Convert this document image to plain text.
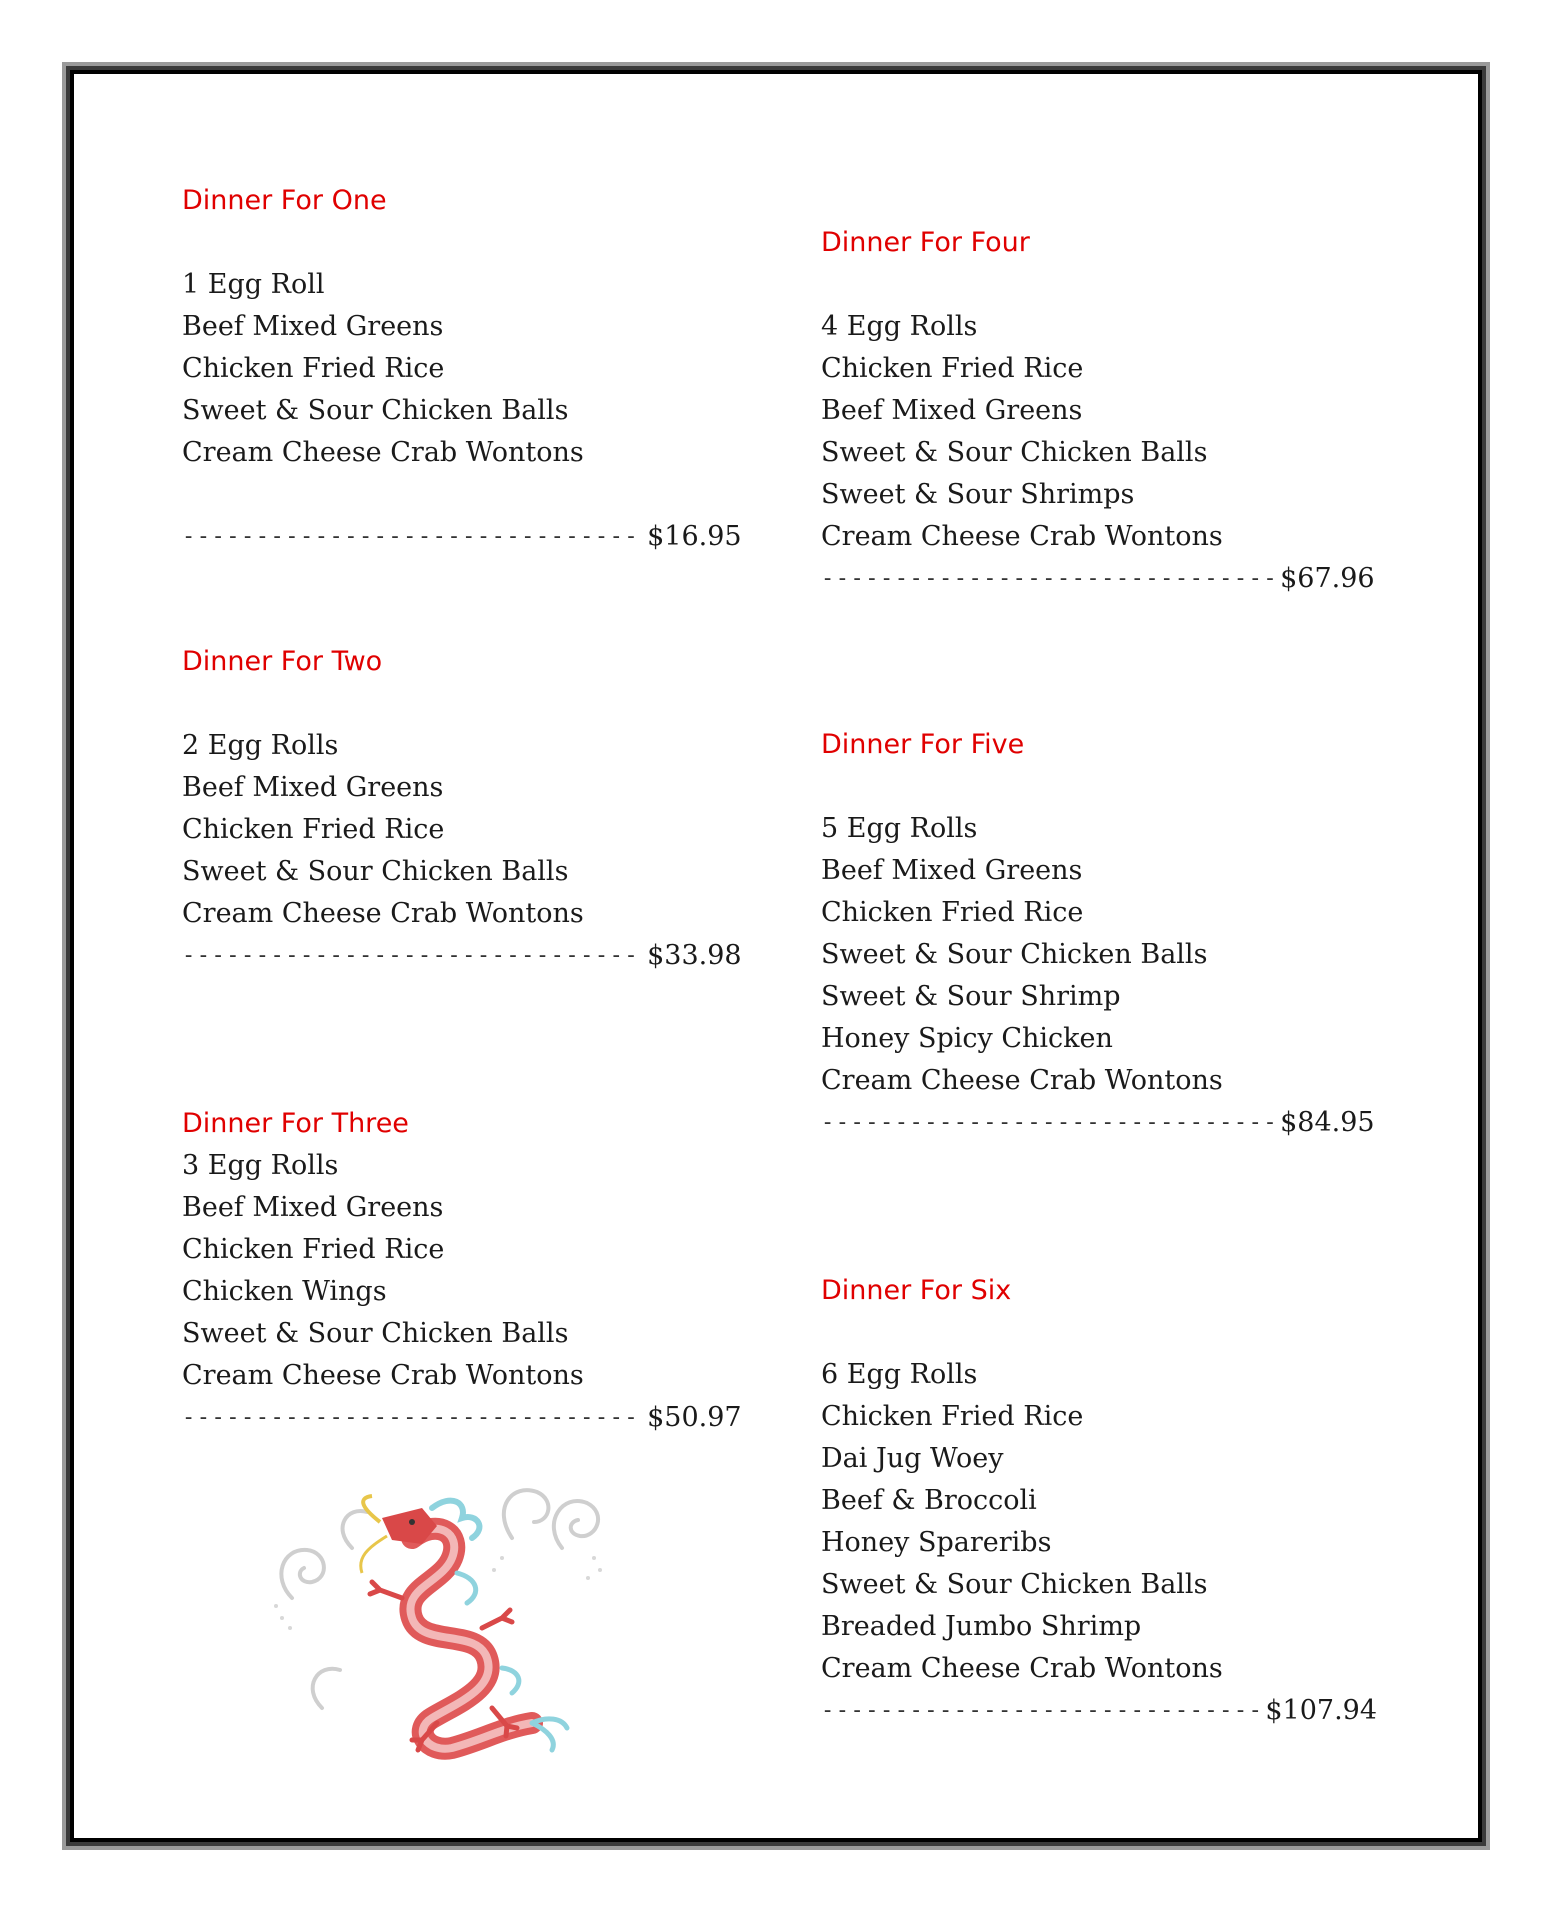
Dinner For One
1 Egg Roll
Beef Mixed Greens
Chicken Fried Rice
Sweet & Sour Chicken Balls
Cream Cheese Crab Wontons
------------------------------- $16.95
Dinner For Two
2 Egg Rolls
Beef Mixed Greens
Chicken Fried Rice
Sweet & Sour Chicken Balls
Cream Cheese Crab Wontons
------------------------------- $33.98
Dinner For Three
3 Egg Rolls
Beef Mixed Greens
Chicken Fried Rice
Chicken Wings
Sweet & Sour Chicken Balls
Cream Cheese Crab Wontons
------------------------------- $50.97
Dinner For Four
4 Egg Rolls
Chicken Fried Rice
Beef Mixed Greens
Sweet & Sour Chicken Balls
Sweet & Sour Shrimps
Cream Cheese Crab Wontons
------------------------------- $67.96
Dinner For Five
5 Egg Rolls
Beef Mixed Greens
Chicken Fried Rice
Sweet & Sour Chicken Balls
Sweet & Sour Shrimp
Honey Spicy Chicken
Cream Cheese Crab Wontons
------------------------------- $84.95
Dinner For Six
6 Egg Rolls
Chicken Fried Rice
Dai Jug Woey
Beef & Broccoli
Honey Spareribs
Sweet & Sour Chicken Balls
Breaded Jumbo Shrimp
Cream Cheese Crab Wontons
------------------------------ $107.94
